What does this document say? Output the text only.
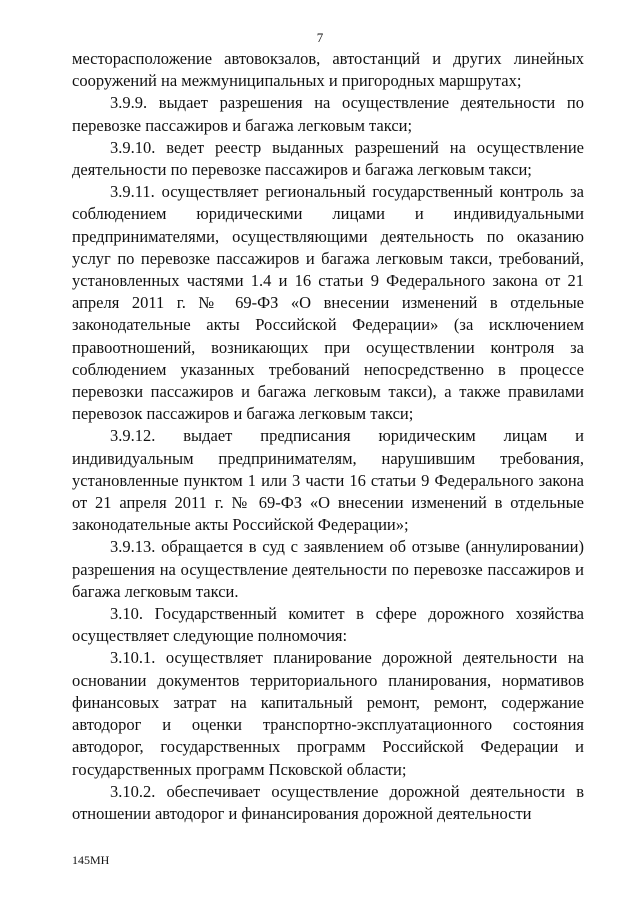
7

месторасположение автовокзалов, автостанций и других линейных сооружений на межмуниципальных и пригородных маршрутах;

3.9.9. выдает разрешения на осуществление деятельности по перевозке пассажиров и багажа легковым такси;

3.9.10. ведет реестр выданных разрешений на осуществление деятельности по перевозке пассажиров и багажа легковым такси;

3.9.11. осуществляет региональный государственный контроль за соблюдением юридическими лицами и индивидуальными предпринимателями, осуществляющими деятельность по оказанию услуг по перевозке пассажиров и багажа легковым такси, требований, установленных частями 1.4 и 16 статьи 9 Федерального закона от 21 апреля 2011 г. № 69-ФЗ «О внесении изменений в отдельные законодательные акты Российской Федерации» (за исключением правоотношений, возникающих при осуществлении контроля за соблюдением указанных требований непосредственно в процессе перевозки пассажиров и багажа легковым такси), а также правилами перевозок пассажиров и багажа легковым такси;

3.9.12. выдает предписания юридическим лицам и индивидуальным предпринимателям, нарушившим требования, установленные пунктом 1 или 3 части 16 статьи 9 Федерального закона от 21 апреля 2011 г. № 69-ФЗ «О внесении изменений в отдельные законодательные акты Российской Федерации»;

3.9.13. обращается в суд с заявлением об отзыве (аннулировании) разрешения на осуществление деятельности по перевозке пассажиров и багажа легковым такси.

3.10. Государственный комитет в сфере дорожного хозяйства осуществляет следующие полномочия:

3.10.1. осуществляет планирование дорожной деятельности на основании документов территориального планирования, нормативов финансовых затрат на капитальный ремонт, ремонт, содержание автодорог и оценки транспортно-эксплуатационного состояния автодорог, государственных программ Российской Федерации и государственных программ Псковской области;

3.10.2. обеспечивает осуществление дорожной деятельности в отношении автодорог и финансирования дорожной деятельности

145МН
